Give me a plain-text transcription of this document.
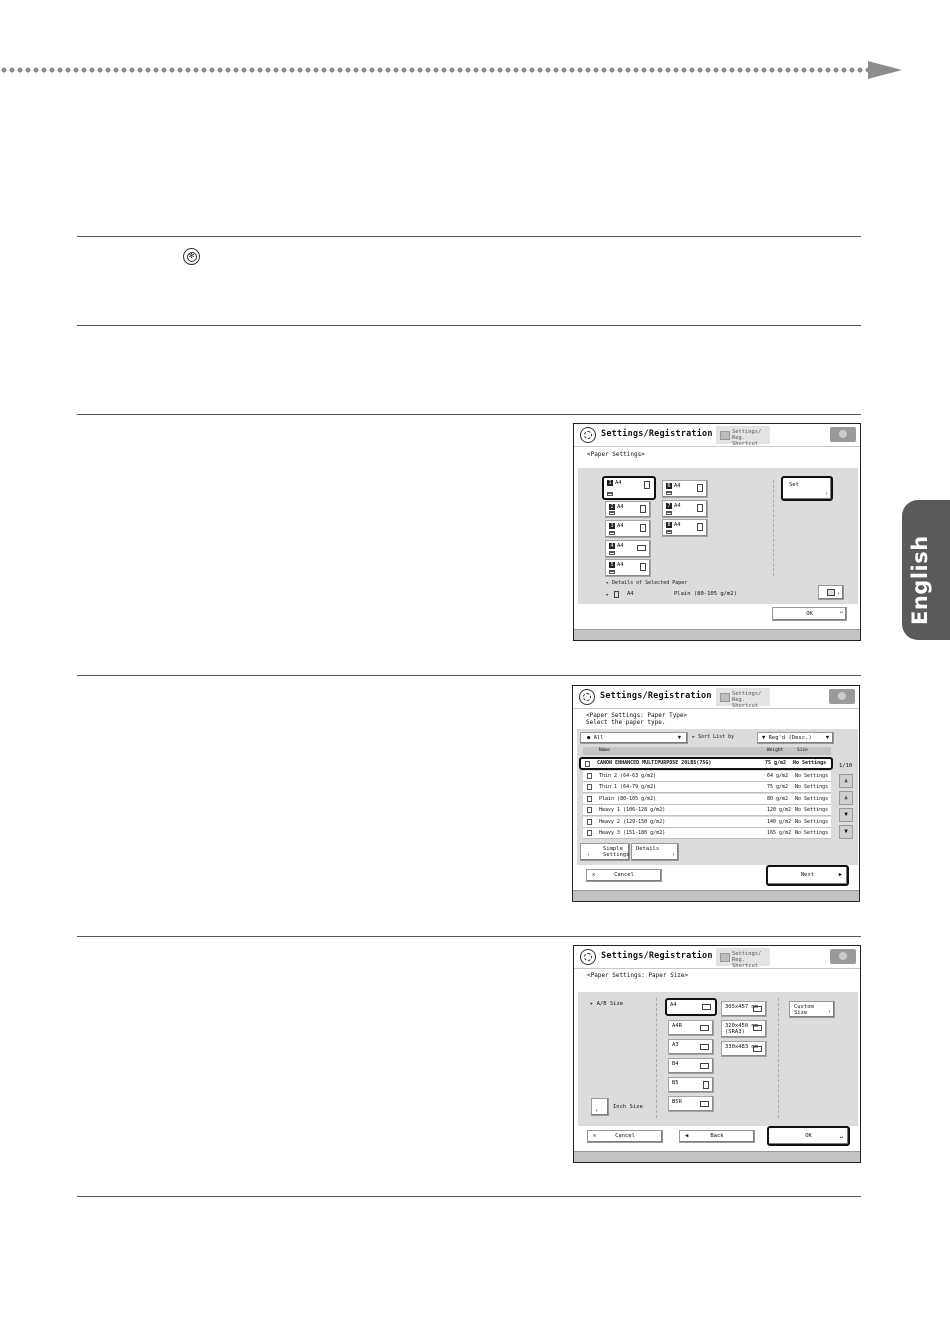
✻
English
Settings/Registration	Settings/
Reg. Shortcut
<Paper Settings>
1 A4
2 A4
3 A4
4 A4
5 A4
6 A4
7 A4
8 A4
Set
›
▸ Details of Selected Paper
▸	A4	Plain (80-105 g/m2)	›
OK	↵
Settings/Registration	Settings/
Reg. Shortcut
<Paper Settings: Paper Type>
Select the paper type.
● All	▼ ▸ Sort List by	▼ Reg'd (Desc.)	▼
Name	Weight	Size
CANON ENHANCED MULTIPURPOSE 20LBS(75G)	75 g/m2 No Settings
Thin 2 (64-63 g/m2)	64 g/m2 No Settings
Thin 1 (64-79 g/m2)	75 g/m2 No Settings
Plain (80-105 g/m2)	80 g/m2 No Settings
Heavy 1 (106-128 g/m2)	120 g/m2 No Settings
Heavy 2 (129-150 g/m2)	140 g/m2 No Settings
Heavy 3 (151-180 g/m2)	165 g/m2 No Settings
1/10
▲
▲
▼
▼
Simple
Settings
›
Details
›
✕	Cancel	Next	▶
Settings/Registration	Settings/
Reg. Shortcut
<Paper Settings: Paper Size>
▸ A/B Size	A4
A4R
A3
B4
B5
B5R
305x457 mm
320x450 mm
(SRA3)
330x483 mm
Custom
Size	›
›
Inch Size
✕	Cancel	◀	Back	OK	↵
